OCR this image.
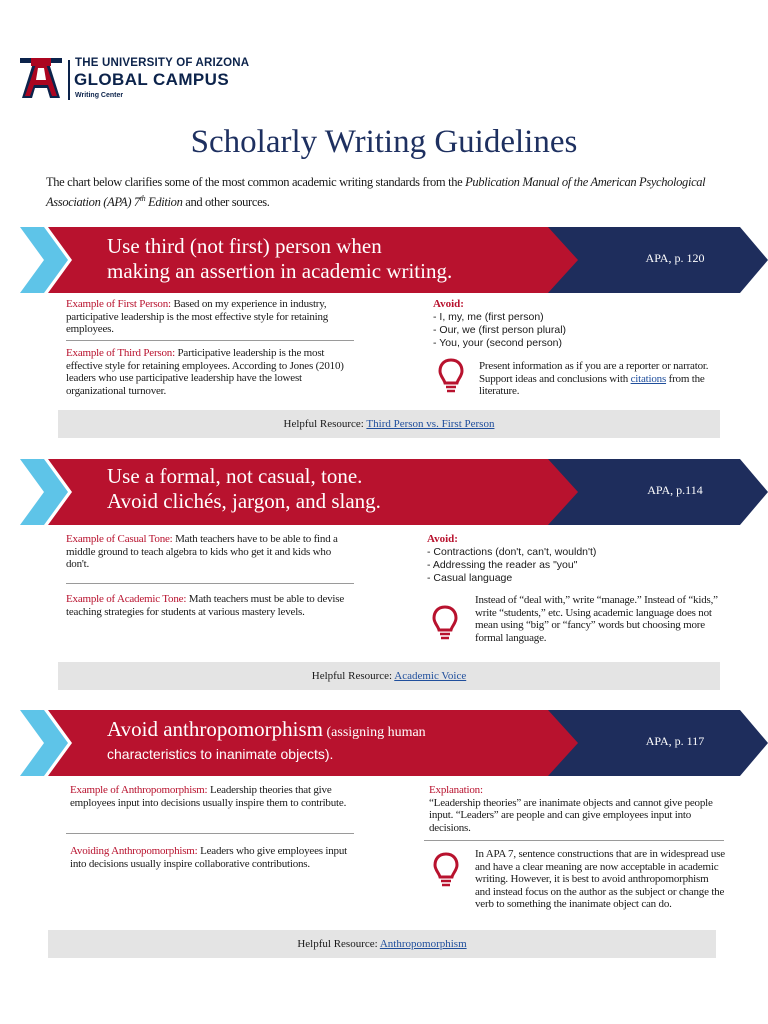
THE UNIVERSITY OF ARIZONA
GLOBAL CAMPUS
Writing Center
Scholarly Writing Guidelines
The chart below clarifies some of the most common academic writing standards from the Publication Manual of the American Psychological Association (APA) 7th Edition and other sources.
Use third (not first) person when
making an assertion in academic writing.
APA, p. 120
Example of First Person: Based on my experience in industry, participative leadership is the most effective style for retaining employees.
Example of Third Person: Participative leadership is the most effective style for retaining employees. According to Jones (2010) leaders who use participative leadership have the lowest organizational turnover.
Avoid:
- I, my, me (first person)
- Our, we (first person plural)
- You, your (second person)
Present information as if you are a reporter or narrator. Support ideas and conclusions with citations from the literature.
Helpful Resource: Third Person vs. First Person
Use a formal, not casual, tone.
Avoid clichés, jargon, and slang.	APA, p.114
Example of Casual Tone: Math teachers have to be able to find a middle ground to teach algebra to kids who get it and kids who don't.
Example of Academic Tone: Math teachers must be able to devise teaching strategies for students at various mastery levels.
Avoid:
- Contractions (don't, can't, wouldn't)
- Addressing the reader as "you"
- Casual language
Instead of “deal with,” write “manage.” Instead of “kids,” write “students,” etc. Using academic language does not mean using “big” or “fancy” words but choosing more formal language.
Helpful Resource: Academic Voice
Avoid anthropomorphism (assigning human
characteristics to inanimate objects).
APA, p. 117
Example of Anthropomorphism: Leadership theories that give employees input into decisions usually inspire them to contribute.
Avoiding Anthropomorphism: Leaders who give employees input into decisions usually inspire collaborative contributions.
Explanation:
“Leadership theories” are inanimate objects and cannot give people input. “Leaders” are people and can give employees input into decisions.
In APA 7, sentence constructions that are in widespread use and have a clear meaning are now acceptable in academic writing. However, it is best to avoid anthropomorphism and instead focus on the author as the subject or change the verb to something the inanimate object can do.
Helpful Resource: Anthropomorphism
